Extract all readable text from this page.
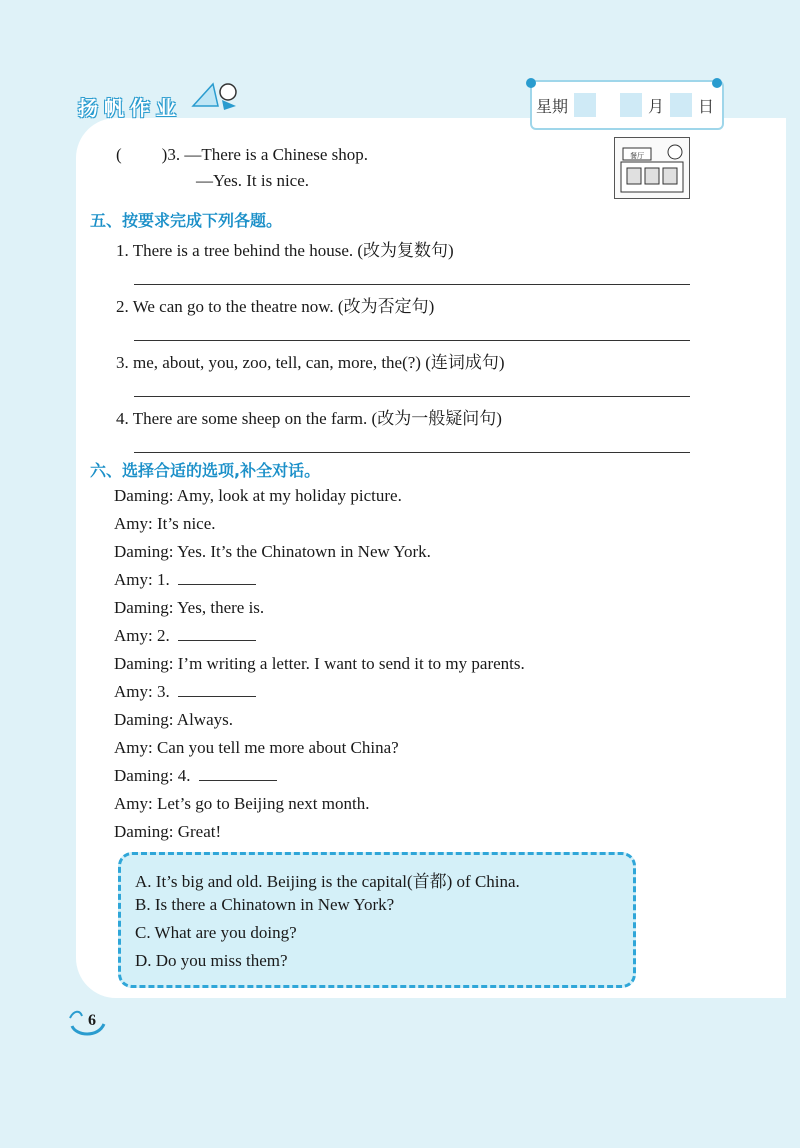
扬帆作业	星期	月 日
( )3. —There is a Chinese shop.
—Yes. It is nice.
餐厅
五、按要求完成下列各题。
1. There is a tree behind the house. (改为复数句)
2. We can go to the theatre now. (改为否定句)
3. me, about, you, zoo, tell, can, more, the(?) (连词成句)
4. There are some sheep on the farm. (改为一般疑问句)
六、选择合适的选项,补全对话。
Daming: Amy, look at my holiday picture.
Amy: It’s nice.
Daming: Yes. It’s the Chinatown in New York.
Amy: 1.
Daming: Yes, there is.
Amy: 2.
Daming: I’m writing a letter. I want to send it to my parents.
Amy: 3.
Daming: Always.
Amy: Can you tell me more about China?
Daming: 4.
Amy: Let’s go to Beijing next month.
Daming: Great!
A. It’s big and old. Beijing is the capital(首都) of China.
B. Is there a Chinatown in New York?
C. What are you doing?
D. Do you miss them?
6
